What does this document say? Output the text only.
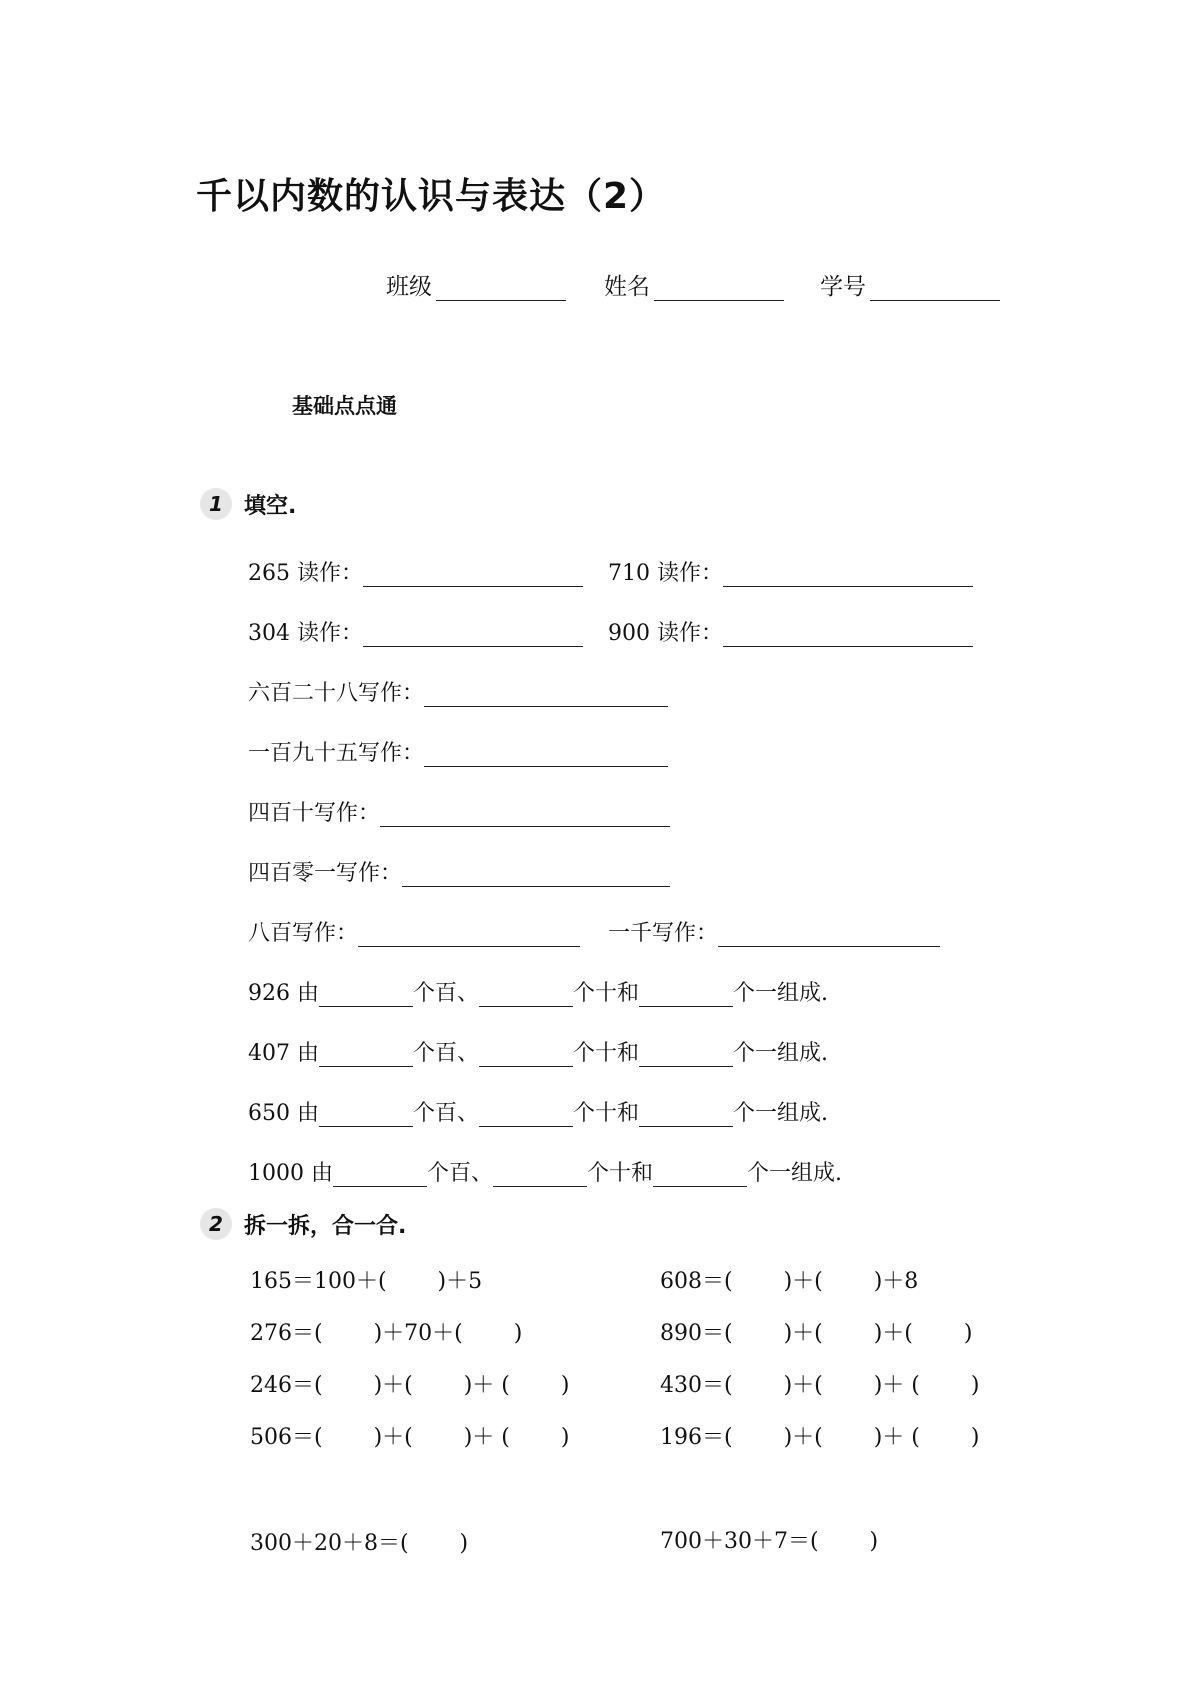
千以内数的认识与表达（2）
班级	姓名	学号
基础点点通
1 填空.
265 读作：	710 读作：
304 读作：	900 读作：
六百二十八写作：
一百九十五写作：
四百十写作：
四百零一写作：
八百写作：	一千写作：
926 由	个百、	个十和	个一组成.
407 由	个百、	个十和	个一组成.
650 由	个百、	个十和	个一组成.
1000 由	个百、	个十和	个一组成.
2 拆一拆，合一合.
165＝100＋(　　 )＋5	608＝(　　 )＋(　　 )＋8
276＝(　　 )＋70＋(　　 )	890＝(　　 )＋(　　 )＋(　　 )
246＝(　　 )＋(　　 )＋ (　　 )	430＝(　　 )＋(　　 )＋ (　　 )
506＝(　　 )＋(　　 )＋ (　　 )	196＝(　　 )＋(　　 )＋ (　　 )
300＋20＋8＝(　　 )	700＋30＋7＝(　　 )
